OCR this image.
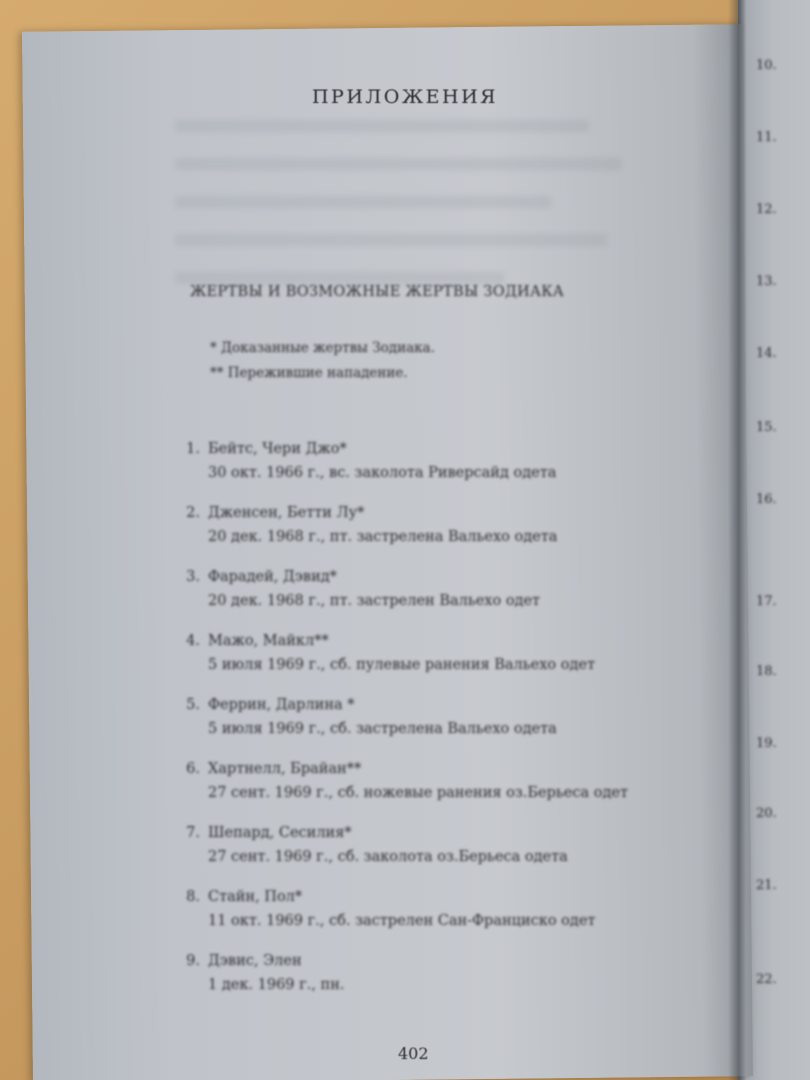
ПРИЛОЖЕНИЯ
ЖЕРТВЫ И ВОЗМОЖНЫЕ ЖЕРТВЫ ЗОДИАКА
* Доказанные жертвы Зодиака.
** Пережившие нападение.
1. Бейтс, Чери Джо*
30 окт. 1966 г., вс. заколота Риверсайд одета
2. Дженсен, Бетти Лу*
20 дек. 1968 г., пт. застрелена Вальехо одета
3. Фарадей, Дэвид*
20 дек. 1968 г., пт. застрелен Вальехо одет
4. Мажо, Майкл**
5 июля 1969 г., сб. пулевые ранения Вальехо одет
5. Феррин, Дарлина *
5 июля 1969 г., сб. застрелена Вальехо одета
6. Хартнелл, Брайан**
27 сент. 1969 г., сб. ножевые ранения оз.Берьеса одет
7. Шепард, Сесилия*
27 сент. 1969 г., сб. заколота оз.Берьеса одета
8. Стайн, Пол*
11 окт. 1969 г., сб. застрелен Сан-Франциско одет
9. Дэвис, Элен
1 дек. 1969 г., пн.
402
10.
11.
12.
13.
14.
15.
16.
17.
18.
19.
20.
21.
22.
